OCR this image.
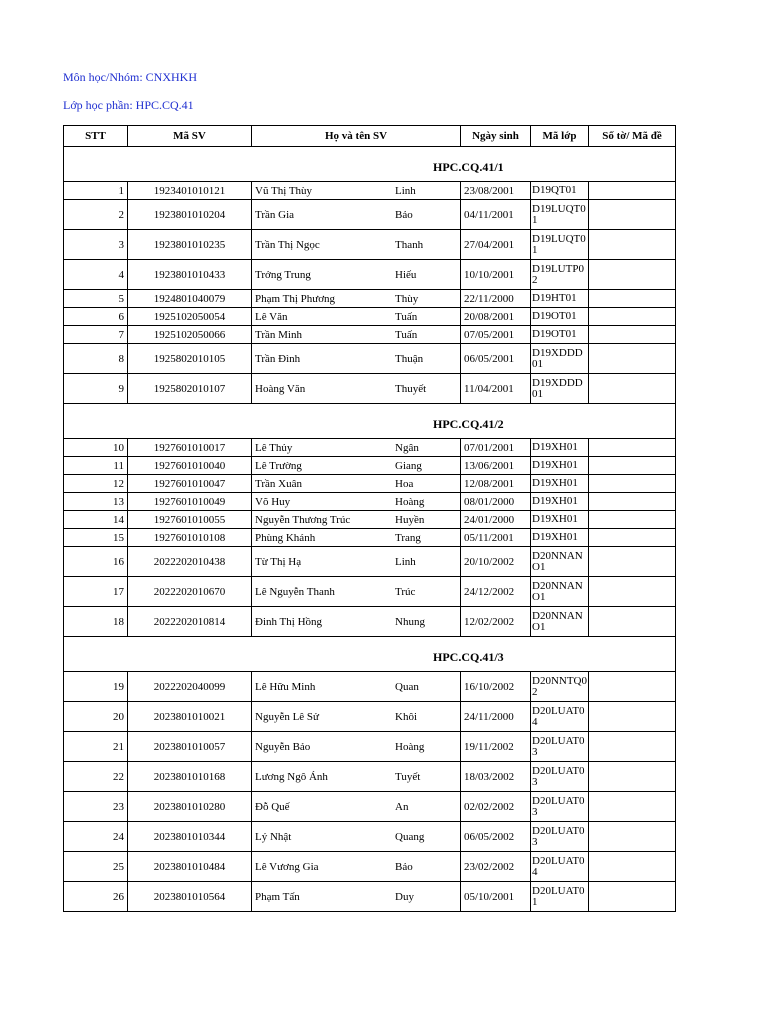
Môn học/Nhóm: CNXHKH
Lớp học phần: HPC.CQ.41
STT	Mã SV	Họ và tên SV		Ngày sinh	Mã lớp	Số tờ/ Mã đề

HPC.CQ.41/1						

1	1923401010121	Vũ Thị Thùy	Linh	23/08/2001	D19QT01	
2	1923801010204	Trần Gia	Bảo	04/11/2001	D19LUQT01	
3	1923801010235	Trần Thị Ngọc	Thanh	27/04/2001	D19LUQT01	
4	1923801010433	Trởng Trung	Hiếu	10/10/2001	D19LUTP02	
5	1924801040079	Phạm Thị Phương	Thùy	22/11/2000	D19HT01	
6	1925102050054	Lê Văn	Tuấn	20/08/2001	D19OT01	
7	1925102050066	Trần Minh	Tuấn	07/05/2001	D19OT01	
8	1925802010105	Trần Đình	Thuận	06/05/2001	D19XDDD01	
9	1925802010107	Hoàng Văn	Thuyết	11/04/2001	D19XDDD01	

HPC.CQ.41/2						

10	1927601010017	Lê Thủy	Ngân	07/01/2001	D19XH01	
11	1927601010040	Lê Trường	Giang	13/06/2001	D19XH01	
12	1927601010047	Trần Xuân	Hoa	12/08/2001	D19XH01	
13	1927601010049	Võ Huy	Hoàng	08/01/2000	D19XH01	
14	1927601010055	Nguyễn Thương Trúc	Huyền	24/01/2000	D19XH01	
15	1927601010108	Phùng Khánh	Trang	05/11/2001	D19XH01	
16	2022202010438	Từ Thị Hạ	Linh	20/10/2002	D20NNANO1	
17	2022202010670	Lê Nguyễn Thanh	Trúc	24/12/2002	D20NNANO1	
18	2022202010814	Đinh Thị Hồng	Nhung	12/02/2002	D20NNANO1	

HPC.CQ.41/3						

19	2022202040099	Lê Hữu Minh	Quan	16/10/2002	D20NNTQ02	
20	2023801010021	Nguyễn Lê Sử	Khôi	24/11/2000	D20LUAT04	
21	2023801010057	Nguyễn Bảo	Hoàng	19/11/2002	D20LUAT03	
22	2023801010168	Lương Ngô Ánh	Tuyết	18/03/2002	D20LUAT03	
23	2023801010280	Đỗ Quế	An	02/02/2002	D20LUAT03	
24	2023801010344	Lý Nhật	Quang	06/05/2002	D20LUAT03	
25	2023801010484	Lê Vương Gia	Bảo	23/02/2002	D20LUAT04	
26	2023801010564	Phạm Tấn	Duy	05/10/2001	D20LUAT01	
